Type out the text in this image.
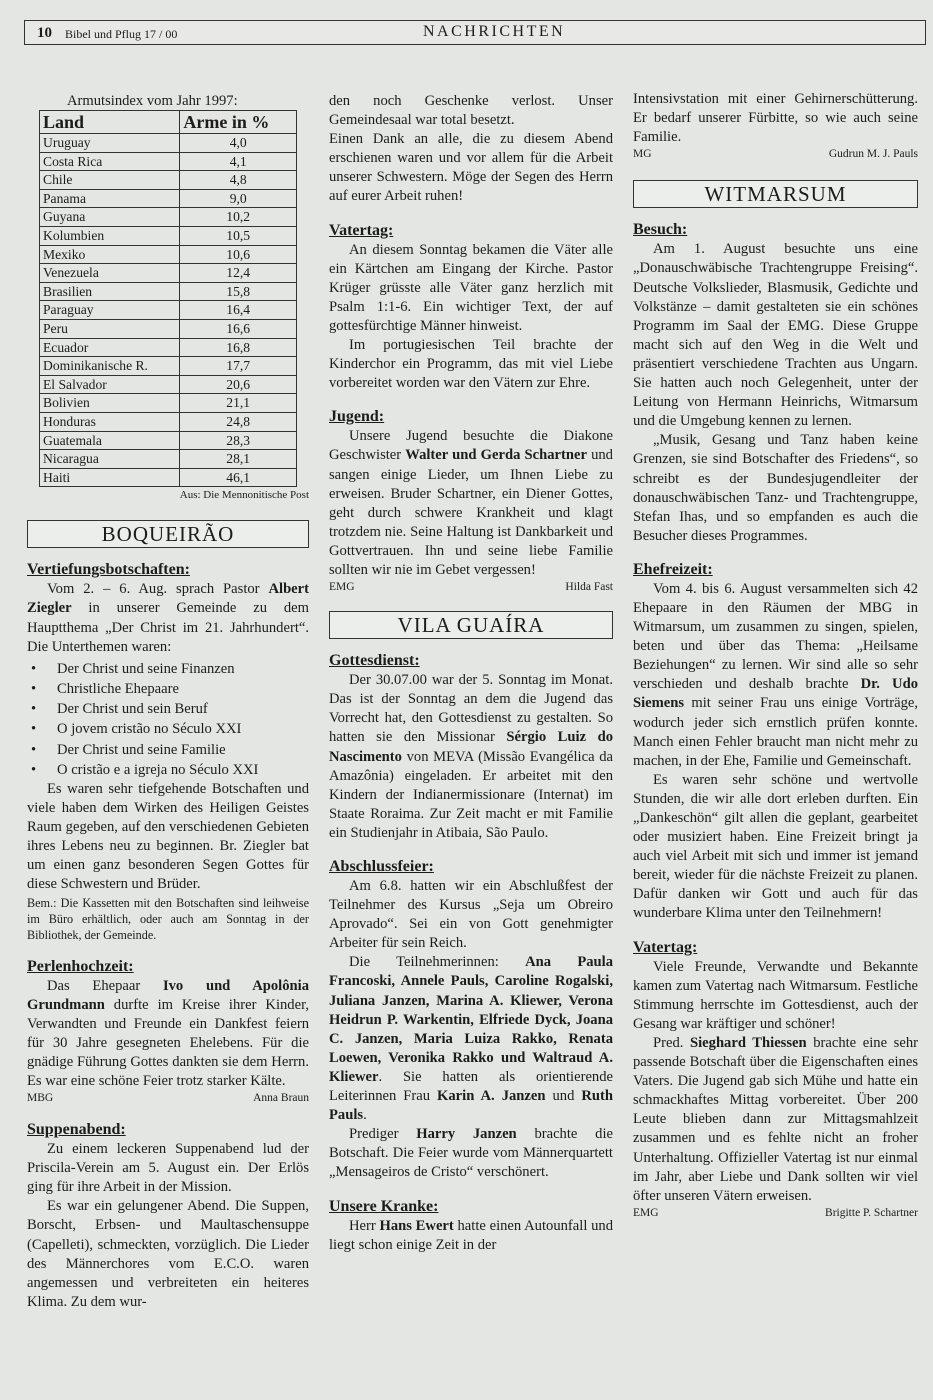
10 Bibel und Pflug 17 / 00	NACHRICHTEN
Armutsindex vom Jahr 1997:
Land	Arme in %
Uruguay	4,0
Costa Rica	4,1
Chile	4,8
Panama	9,0
Guyana	10,2
Kolumbien	10,5
Mexiko	10,6
Venezuela	12,4
Brasilien	15,8
Paraguay	16,4
Peru	16,6
Ecuador	16,8
Dominikanische R.	17,7
El Salvador	20,6
Bolivien	21,1
Honduras	24,8
Guatemala	28,3
Nicaragua	28,1
Haiti	46,1
Aus: Die Mennonitische Post
BOQUEIRÃO
Vertiefungsbotschaften:

Vom 2. – 6. Aug. sprach Pastor Albert Ziegler in unserer Gemeinde zu dem Hauptthema „Der Christ im 21. Jahrhundert“. Die Unterthemen waren:

• Der Christ und seine Finanzen
• Christliche Ehepaare
• Der Christ und sein Beruf
• O jovem cristão no Século XXI
• Der Christ und seine Familie
• O cristão e a igreja no Século XXI

Es waren sehr tiefgehende Botschaften und viele haben dem Wirken des Heiligen Geistes Raum gegeben, auf den verschiedenen Gebieten ihres Lebens neu zu beginnen. Br. Ziegler bat um einen ganz besonderen Segen Gottes für diese Schwestern und Brüder.

Bem.: Die Kassetten mit den Botschaften sind leihweise im Büro erhältlich, oder auch am Sonntag in der Bibliothek, der Gemeinde.

Perlenhochzeit:

Das Ehepaar Ivo und Apolônia Grundmann durfte im Kreise ihrer Kinder, Verwandten und Freunde ein Dankfest feiern für 30 Jahre gesegneten Ehelebens. Für die gnädige Führung Gottes dankten sie dem Herrn. Es war eine schöne Feier trotz starker Kälte.

MBG	Anna Braun
Suppenabend:

Zu einem leckeren Suppenabend lud der Priscila-Verein am 5. August ein. Der Erlös ging für ihre Arbeit in der Mission.

Es war ein gelungener Abend. Die Suppen, Borscht, Erbsen- und Maultaschensuppe (Capelleti), schmeckten, vorzüglich. Die Lieder des Männerchores vom E.C.O. waren angemessen und verbreiteten ein heiteres Klima. Zu dem wur-

den noch Geschenke verlost. Unser Gemeindesaal war total besetzt.

Einen Dank an alle, die zu diesem Abend erschienen waren und vor allem für die Arbeit unserer Schwestern. Möge der Segen des Herrn auf eurer Arbeit ruhen!

Vatertag:

An diesem Sonntag bekamen die Väter alle ein Kärtchen am Eingang der Kirche. Pastor Krüger grüsste alle Väter ganz herzlich mit Psalm 1:1-6. Ein wichtiger Text, der auf gottesfürchtige Männer hinweist.

Im portugiesischen Teil brachte der Kinderchor ein Programm, das mit viel Liebe vorbereitet worden war den Vätern zur Ehre.

Jugend:

Unsere Jugend besuchte die Diakone Geschwister Walter und Gerda Schartner und sangen einige Lieder, um Ihnen Liebe zu erweisen. Bruder Schartner, ein Diener Gottes, geht durch schwere Krankheit und klagt trotzdem nie. Seine Haltung ist Dankbarkeit und Gottvertrauen. Ihn und seine liebe Familie sollten wir nie im Gebet vergessen!

EMG	Hilda Fast
VILA GUAÍRA
Gottesdienst:

Der 30.07.00 war der 5. Sonntag im Monat. Das ist der Sonntag an dem die Jugend das Vorrecht hat, den Gottesdienst zu gestalten. So hatten sie den Missionar Sérgio Luiz do Nascimento von MEVA (Missão Evangélica da Amazônia) eingeladen. Er arbeitet mit den Kindern der Indianermissionare (Internat) im Staate Roraima. Zur Zeit macht er mit Familie ein Studienjahr in Atibaia, São Paulo.

Abschlussfeier:

Am 6.8. hatten wir ein Abschlußfest der Teilnehmer des Kursus „Seja um Obreiro Aprovado“. Sei ein von Gott genehmigter Arbeiter für sein Reich.

Die Teilnehmerinnen: Ana Paula Francoski, Annele Pauls, Caroline Rogalski, Juliana Janzen, Marina A. Kliewer, Verona Heidrun P. Warkentin, Elfriede Dyck, Joana C. Janzen, Maria Luiza Rakko, Renata Loewen, Veronika Rakko und Waltraud A. Kliewer. Sie hatten als orientierende Leiterinnen Frau Karin A. Janzen und Ruth Pauls.

Prediger Harry Janzen brachte die Botschaft. Die Feier wurde vom Männerquartett „Mensageiros de Cristo“ verschönert.

Unsere Kranke:

Herr Hans Ewert hatte einen Autounfall und liegt schon einige Zeit in der

Intensivstation mit einer Gehirnerschütterung. Er bedarf unserer Fürbitte, so wie auch seine Familie.

MG	Gudrun M. J. Pauls
WITMARSUM
Besuch:

Am 1. August besuchte uns eine „Donauschwäbische Trachtengruppe Freising“. Deutsche Volkslieder, Blasmusik, Gedichte und Volkstänze – damit gestalteten sie ein schönes Programm im Saal der EMG. Diese Gruppe macht sich auf den Weg in die Welt und präsentiert verschiedene Trachten aus Ungarn. Sie hatten auch noch Gelegenheit, unter der Leitung von Hermann Heinrichs, Witmarsum und die Umgebung kennen zu lernen.

„Musik, Gesang und Tanz haben keine Grenzen, sie sind Botschafter des Friedens“, so schreibt es der Bundesjugendleiter der donauschwäbischen Tanz- und Trachtengruppe, Stefan Ihas, und so empfanden es auch die Besucher dieses Programmes.

Ehefreizeit:

Vom 4. bis 6. August versammelten sich 42 Ehepaare in den Räumen der MBG in Witmarsum, um zusammen zu singen, spielen, beten und über das Thema: „Heilsame Beziehungen“ zu lernen. Wir sind alle so sehr verschieden und deshalb brachte Dr. Udo Siemens mit seiner Frau uns einige Vorträge, wodurch jeder sich ernstlich prüfen konnte. Manch einen Fehler braucht man nicht mehr zu machen, in der Ehe, Familie und Gemeinschaft.

Es waren sehr schöne und wertvolle Stunden, die wir alle dort erleben durften. Ein „Dankeschön“ gilt allen die geplant, gearbeitet oder musiziert haben. Eine Freizeit bringt ja auch viel Arbeit mit sich und immer ist jemand bereit, wieder für die nächste Freizeit zu planen. Dafür danken wir Gott und auch für das wunderbare Klima unter den Teilnehmern!

Vatertag:

Viele Freunde, Verwandte und Bekannte kamen zum Vatertag nach Witmarsum. Festliche Stimmung herrschte im Gottesdienst, auch der Gesang war kräftiger und schöner!

Pred. Sieghard Thiessen brachte eine sehr passende Botschaft über die Eigenschaften eines Vaters. Die Jugend gab sich Mühe und hatte ein schmackhaftes Mittag vorbereitet. Über 200 Leute blieben dann zur Mittagsmahlzeit zusammen und es fehlte nicht an froher Unterhaltung. Offizieller Vatertag ist nur einmal im Jahr, aber Liebe und Dank sollten wir viel öfter unseren Vätern erweisen.

EMG	Brigitte P. Schartner
